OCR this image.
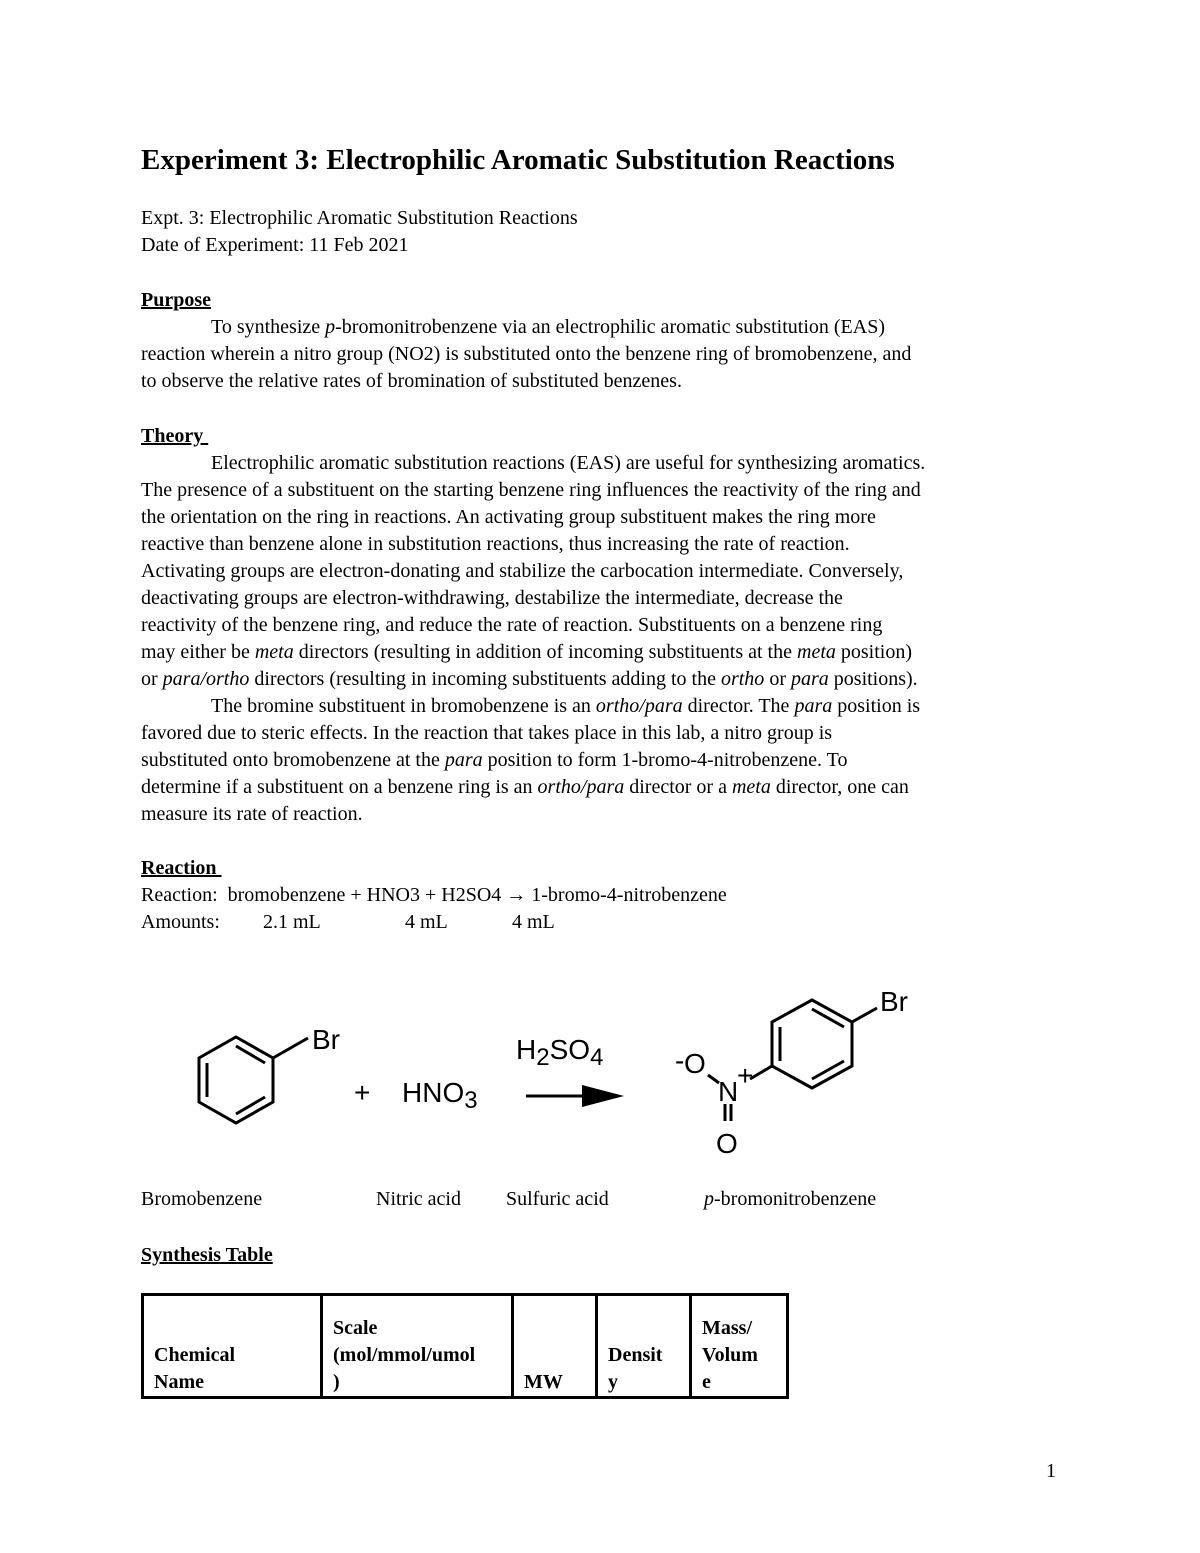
Experiment 3: Electrophilic Aromatic Substitution Reactions
Expt. 3: Electrophilic Aromatic Substitution Reactions
Date of Experiment: 11 Feb 2021
Purpose
To synthesize p-bromonitrobenzene via an electrophilic aromatic substitution (EAS)
reaction wherein a nitro group (NO2) is substituted onto the benzene ring of bromobenzene, and
to observe the relative rates of bromination of substituted benzenes.
Theory
Electrophilic aromatic substitution reactions (EAS) are useful for synthesizing aromatics.
The presence of a substituent on the starting benzene ring influences the reactivity of the ring and
the orientation on the ring in reactions. An activating group substituent makes the ring more
reactive than benzene alone in substitution reactions, thus increasing the rate of reaction.
Activating groups are electron-donating and stabilize the carbocation intermediate. Conversely,
deactivating groups are electron-withdrawing, destabilize the intermediate, decrease the
reactivity of the benzene ring, and reduce the rate of reaction. Substituents on a benzene ring
may either be meta directors (resulting in addition of incoming substituents at the meta position)
or para/ortho directors (resulting in incoming substituents adding to the ortho or para positions).
The bromine substituent in bromobenzene is an ortho/para director. The para position is
favored due to steric effects. In the reaction that takes place in this lab, a nitro group is
substituted onto bromobenzene at the para position to form 1-bromo-4-nitrobenzene. To
determine if a substituent on a benzene ring is an ortho/para director or a meta director, one can
measure its rate of reaction.
Reaction
Reaction: bromobenzene + HNO3 + H2SO4 → 1-bromo-4-nitrobenzene
Amounts: 2.1 mL	4 mL	4 mL
Br
+ HNO3
H2SO4
Br
- O
N
+
O
Bromobenzene	Nitric acid Sulfuric acid	p-bromonitrobenzene
Synthesis Table
Chemical
Name	Scale
(mol/mmol/umol
)	MW	Densit
y	Mass/
Volum
e
1
